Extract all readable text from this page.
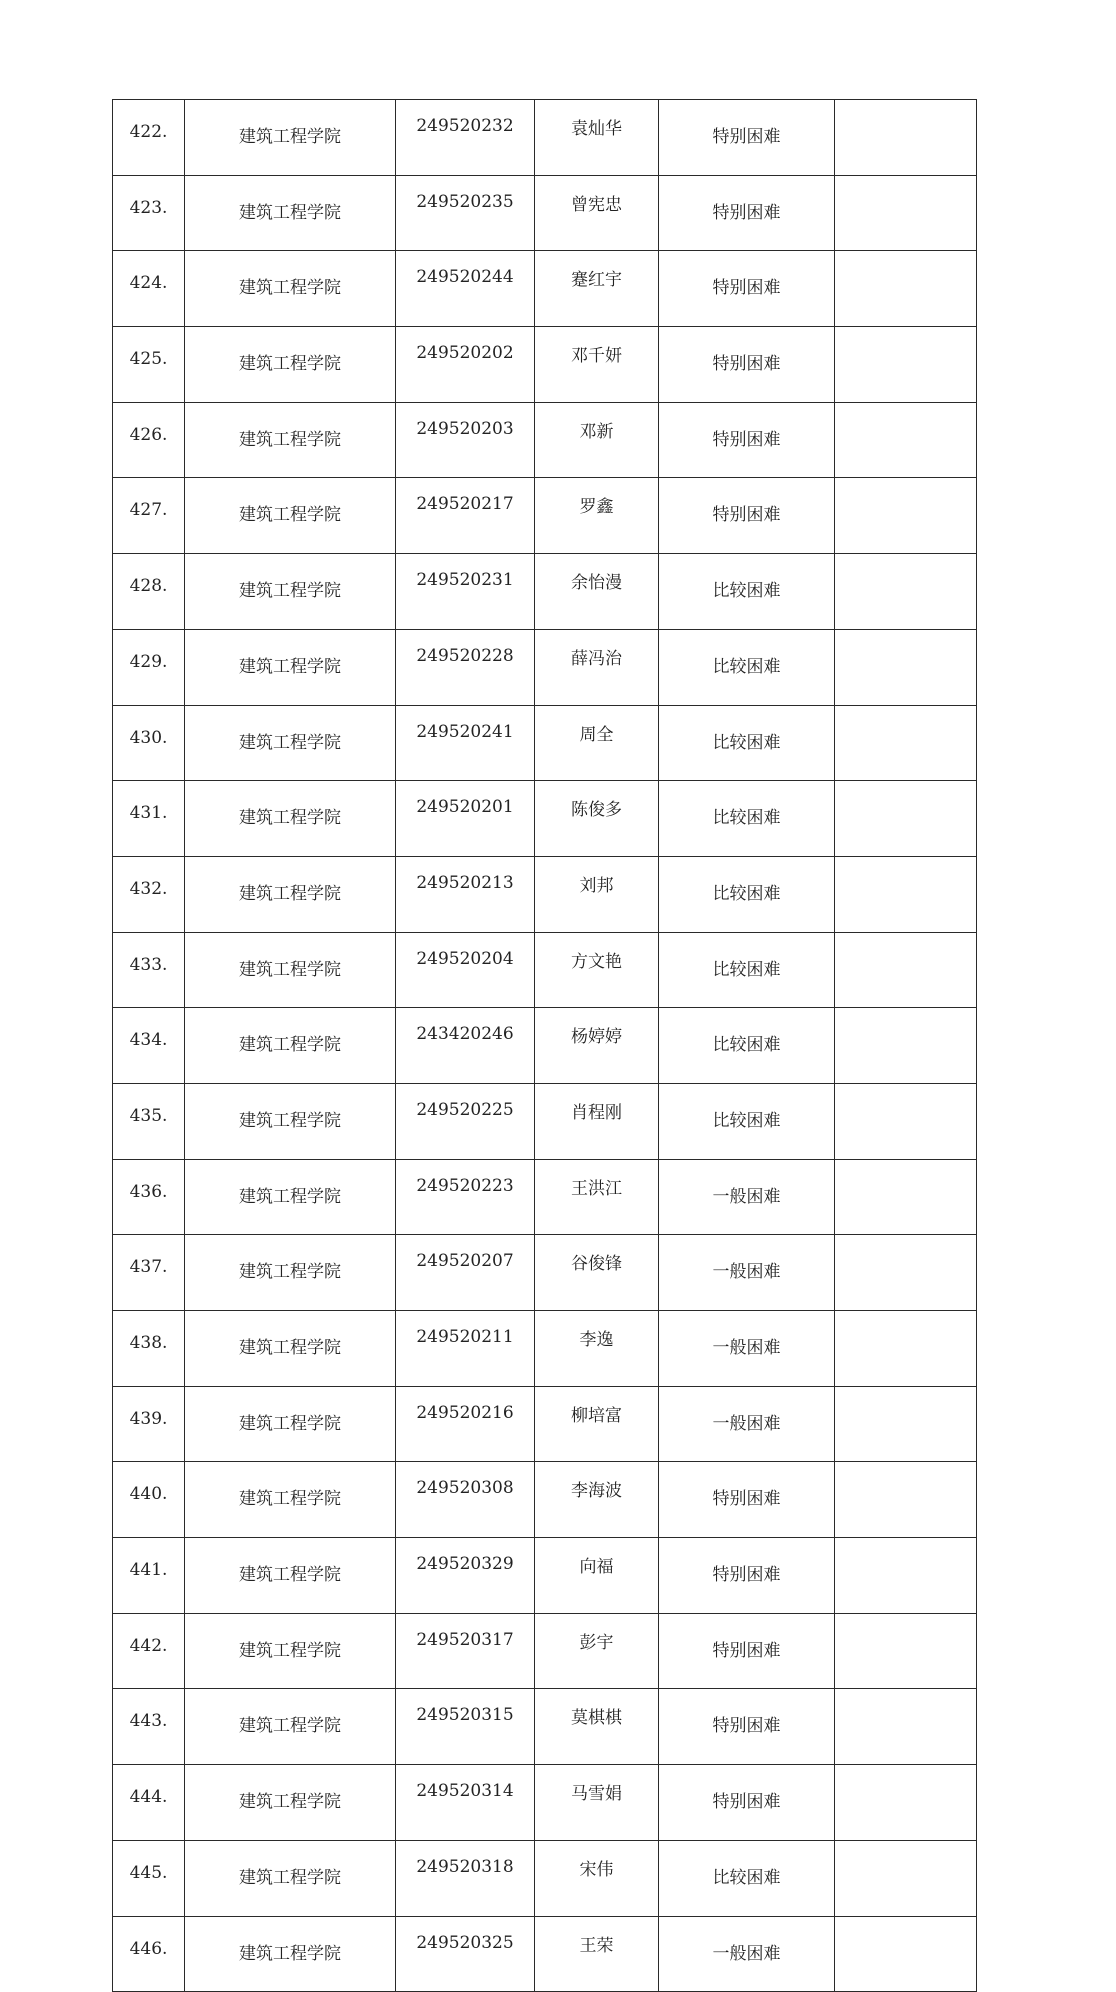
422.	建筑工程学院	249520232	袁灿华	特别困难	
423.	建筑工程学院	249520235	曾宪忠	特别困难	
424.	建筑工程学院	249520244	蹇红宇	特别困难	
425.	建筑工程学院	249520202	邓千妍	特别困难	
426.	建筑工程学院	249520203	邓新	特别困难	
427.	建筑工程学院	249520217	罗鑫	特别困难	
428.	建筑工程学院	249520231	余怡漫	比较困难	
429.	建筑工程学院	249520228	薛冯治	比较困难	
430.	建筑工程学院	249520241	周全	比较困难	
431.	建筑工程学院	249520201	陈俊多	比较困难	
432.	建筑工程学院	249520213	刘邦	比较困难	
433.	建筑工程学院	249520204	方文艳	比较困难	
434.	建筑工程学院	243420246	杨婷婷	比较困难	
435.	建筑工程学院	249520225	肖程刚	比较困难	
436.	建筑工程学院	249520223	王洪江	一般困难	
437.	建筑工程学院	249520207	谷俊锋	一般困难	
438.	建筑工程学院	249520211	李逸	一般困难	
439.	建筑工程学院	249520216	柳培富	一般困难	
440.	建筑工程学院	249520308	李海波	特别困难	
441.	建筑工程学院	249520329	向福	特别困难	
442.	建筑工程学院	249520317	彭宇	特别困难	
443.	建筑工程学院	249520315	莫棋棋	特别困难	
444.	建筑工程学院	249520314	马雪娟	特别困难	
445.	建筑工程学院	249520318	宋伟	比较困难	
446.	建筑工程学院	249520325	王荣	一般困难	
